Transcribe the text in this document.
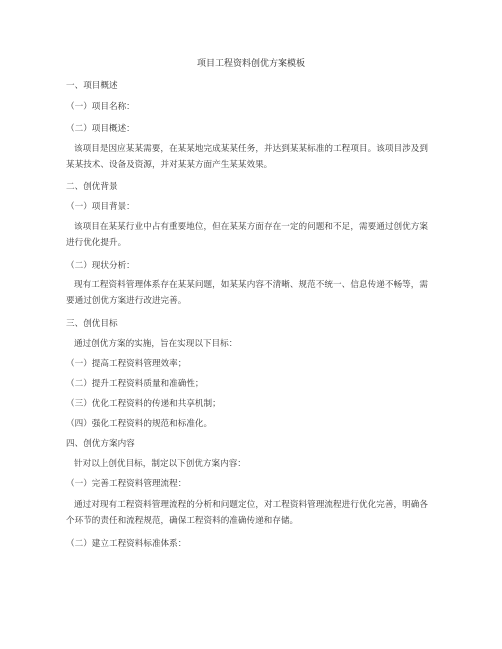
项目工程资料创优方案模板
一、项目概述
（一）项目名称：
（二）项目概述：
该项目是因应某某需要，在某某地完成某某任务，并达到某某标准的工程项目。该项目涉及到某某技术、设备及资源，并对某某方面产生某某效果。
二、创优背景
（一）项目背景：
该项目在某某行业中占有重要地位，但在某某方面存在一定的问题和不足，需要通过创优方案进行优化提升。
（二）现状分析：
现有工程资料管理体系存在某某问题，如某某内容不清晰、规范不统一、信息传递不畅等，需要通过创优方案进行改进完善。
三、创优目标
通过创优方案的实施，旨在实现以下目标：
（一）提高工程资料管理效率；
（二）提升工程资料质量和准确性；
（三）优化工程资料的传递和共享机制；
（四）强化工程资料的规范和标准化。
四、创优方案内容
针对以上创优目标，制定以下创优方案内容：
（一）完善工程资料管理流程：
通过对现有工程资料管理流程的分析和问题定位，对工程资料管理流程进行优化完善，明确各个环节的责任和流程规范，确保工程资料的准确传递和存储。
（二）建立工程资料标准体系：
